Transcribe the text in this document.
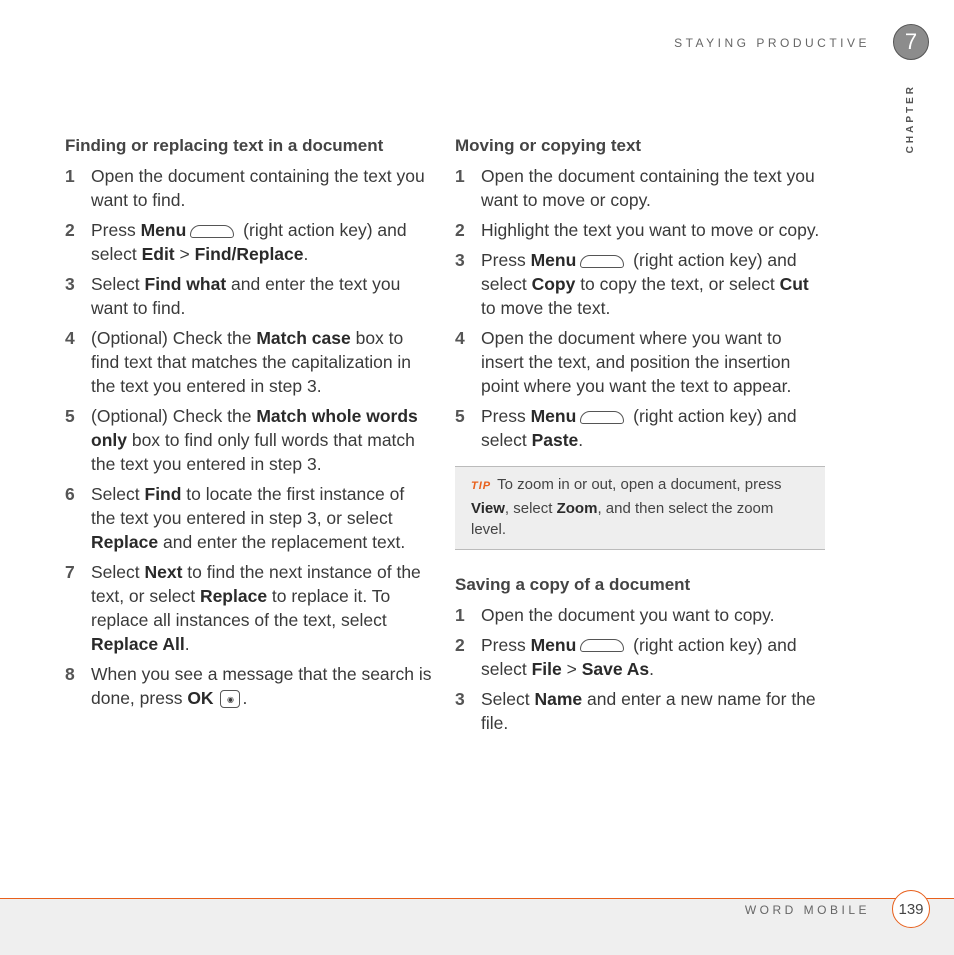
STAYING PRODUCTIVE	7
CHAPTER
Finding or replacing text in a document
1 Open the document containing the text you want to find.
2 Press Menu	(right action key) and select Edit > Find/Replace.
3 Select Find what and enter the text you want to find.
4 (Optional) Check the Match case box to find text that matches the capitalization in the text you entered in step 3.
5 (Optional) Check the Match whole words only box to find only full words that match the text you entered in step 3.
6 Select Find to locate the first instance of the text you entered in step 3, or select Replace and enter the replacement text.
7 Select Next to find the next instance of the text, or select Replace to replace it. To replace all instances of the text, select Replace All.
8 When you see a message that the search is done, press OK ◉ .
Moving or copying text
1 Open the document containing the text you want to move or copy.
2 Highlight the text you want to move or copy.
3 Press Menu	(right action key) and select Copy to copy the text, or select Cut to move the text.
4 Open the document where you want to insert the text, and position the insertion point where you want the text to appear.
5 Press Menu	(right action key) and select Paste.
TIP To zoom in or out, open a document, press View, select Zoom, and then select the zoom level.
Saving a copy of a document
1 Open the document you want to copy.
2 Press Menu	(right action key) and select File > Save As.
3 Select Name and enter a new name for the file.
WORD MOBILE	139
